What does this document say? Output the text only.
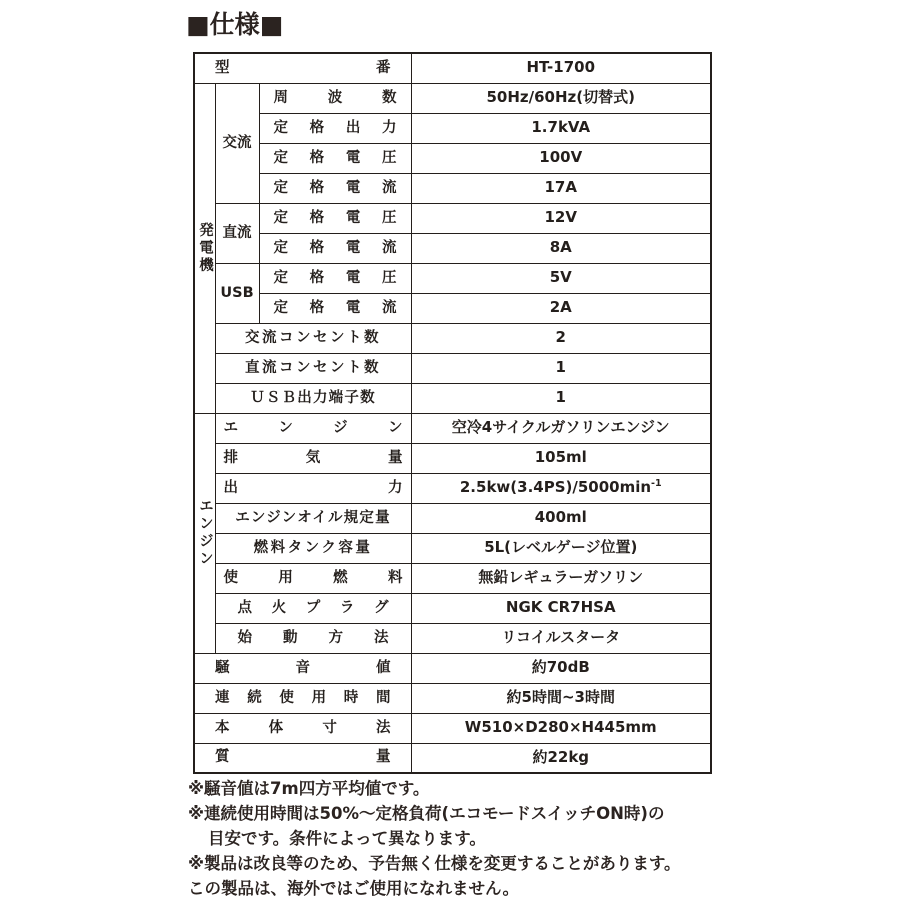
■仕様■
型 番			HT-1700

発電機	交流	周 波 数	50Hz/60Hz(切替式)

		定 格 出 力	1.7kVA

		定 格 電 圧	100V

		定 格 電 流	17A
	直流	定 格 電 圧	12V

		定 格 電 流	8A
	USB	定 格 電 圧	5V

		定 格 電 流	2A
	交流コンセント数		2
	直流コンセント数		1
	ＵＳＢ出力端子数		1

エンジン	エ ン ジ ン		空冷4サイクルガソリンエンジン

	排 気 量		105ml

	出 力		$2.5kw(3.4PS)/5000\min^{-1}$
	エンジンオイル規定量		400ml
	燃料タンク容量		5L(レベルゲージ位置)

	使 用 燃 料		無鉛レギュラーガソリン

	点 火 プ ラ グ		NGK CR7HSA

	始 動 方 法		リコイルスタータ

騒 音 値			約70dB

連 続 使 用 時 間	約5時間~3時間

本 体 寸 法			W510×D280×H445mm

質 量			約22kg
※騒音値は7m四方平均値です。
※連続使用時間は50%～定格負荷(エコモードスイッチON時)の
目安です。条件によって異なります。
※製品は改良等のため、予告無く仕様を変更することがあります。
この製品は、海外ではご使用になれません。
